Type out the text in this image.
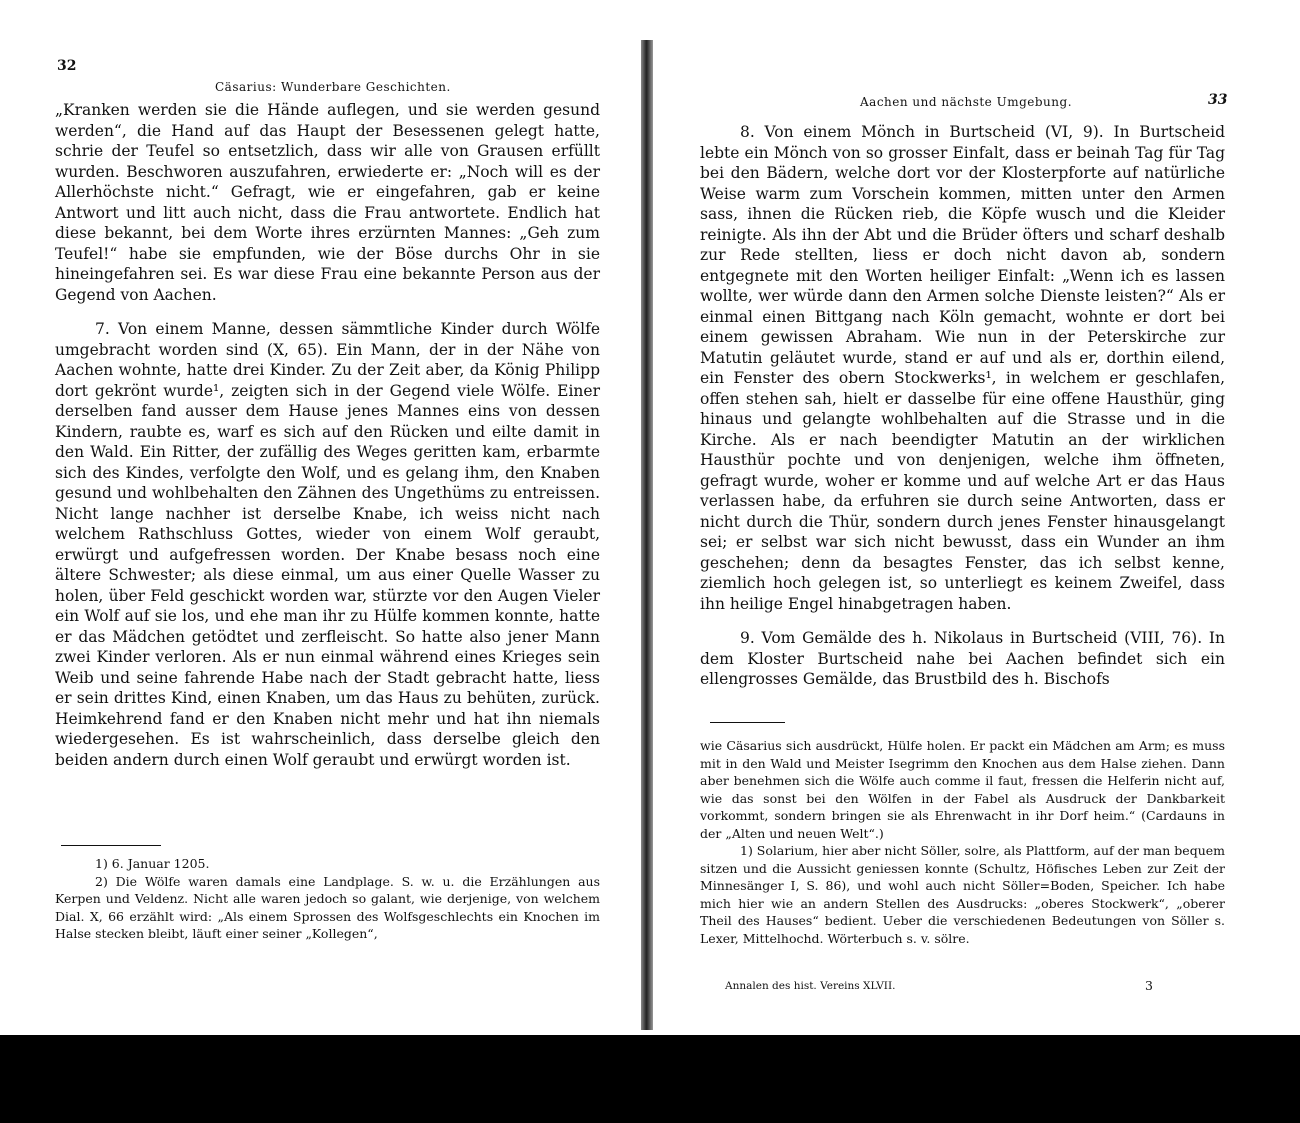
32
Cäsarius: Wunderbare Geschichten.

„Kranken werden sie die Hände auflegen, und sie werden gesund werden“, die Hand auf das Haupt der Besessenen gelegt hatte, schrie der Teufel so entsetzlich, dass wir alle von Grausen erfüllt wurden. Beschworen auszufahren, erwiederte er: „Noch will es der Allerhöchste nicht.“ Gefragt, wie er eingefahren, gab er keine Antwort und litt auch nicht, dass die Frau antwortete. Endlich hat diese bekannt, bei dem Worte ihres erzürnten Mannes: „Geh zum Teufel!“ habe sie empfunden, wie der Böse durchs Ohr in sie hineingefahren sei. Es war diese Frau eine bekannte Person aus der Gegend von Aachen.

7. Von einem Manne, dessen sämmtliche Kinder durch Wölfe umgebracht worden sind (X, 65). Ein Mann, der in der Nähe von Aachen wohnte, hatte drei Kinder. Zu der Zeit aber, da König Philipp dort gekrönt wurde¹, zeigten sich in der Gegend viele Wölfe. Einer derselben fand ausser dem Hause jenes Mannes eins von dessen Kindern, raubte es, warf es sich auf den Rücken und eilte damit in den Wald. Ein Ritter, der zufällig des Weges geritten kam, erbarmte sich des Kindes, verfolgte den Wolf, und es gelang ihm, den Knaben gesund und wohlbehalten den Zähnen des Ungethüms zu entreissen. Nicht lange nachher ist derselbe Knabe, ich weiss nicht nach welchem Rathschluss Gottes, wieder von einem Wolf geraubt, erwürgt und aufgefressen worden. Der Knabe besass noch eine ältere Schwester; als diese einmal, um aus einer Quelle Wasser zu holen, über Feld geschickt worden war, stürzte vor den Augen Vieler ein Wolf auf sie los, und ehe man ihr zu Hülfe kommen konnte, hatte er das Mädchen getödtet und zerfleischt. So hatte also jener Mann zwei Kinder verloren. Als er nun einmal während eines Krieges sein Weib und seine fahrende Habe nach der Stadt gebracht hatte, liess er sein drittes Kind, einen Knaben, um das Haus zu behüten, zurück. Heimkehrend fand er den Knaben nicht mehr und hat ihn niemals wiedergesehen. Es ist wahrscheinlich, dass derselbe gleich den beiden andern durch einen Wolf geraubt und erwürgt worden ist.

1) 6. Januar 1205.

2) Die Wölfe waren damals eine Landplage. S. w. u. die Erzählungen aus Kerpen und Veldenz. Nicht alle waren jedoch so galant, wie derjenige, von welchem Dial. X, 66 erzählt wird: „Als einem Sprossen des Wolfsgeschlechts ein Knochen im Halse stecken bleibt, läuft einer seiner „Kollegen“,

Aachen und nächste Umgebung.	33

8. Von einem Mönch in Burtscheid (VI, 9). In Burtscheid lebte ein Mönch von so grosser Einfalt, dass er beinah Tag für Tag bei den Bädern, welche dort vor der Klosterpforte auf natürliche Weise warm zum Vorschein kommen, mitten unter den Armen sass, ihnen die Rücken rieb, die Köpfe wusch und die Kleider reinigte. Als ihn der Abt und die Brüder öfters und scharf deshalb zur Rede stellten, liess er doch nicht davon ab, sondern entgegnete mit den Worten heiliger Einfalt: „Wenn ich es lassen wollte, wer würde dann den Armen solche Dienste leisten?“ Als er einmal einen Bittgang nach Köln gemacht, wohnte er dort bei einem gewissen Abraham. Wie nun in der Peterskirche zur Matutin geläutet wurde, stand er auf und als er, dorthin eilend, ein Fenster des obern Stockwerks¹, in welchem er geschlafen, offen stehen sah, hielt er dasselbe für eine offene Hausthür, ging hinaus und gelangte wohlbehalten auf die Strasse und in die Kirche. Als er nach beendigter Matutin an der wirklichen Hausthür pochte und von denjenigen, welche ihm öffneten, gefragt wurde, woher er komme und auf welche Art er das Haus verlassen habe, da erfuhren sie durch seine Antworten, dass er nicht durch die Thür, sondern durch jenes Fenster hinausgelangt sei; er selbst war sich nicht bewusst, dass ein Wunder an ihm geschehen; denn da besagtes Fenster, das ich selbst kenne, ziemlich hoch gelegen ist, so unterliegt es keinem Zweifel, dass ihn heilige Engel hinabgetragen haben.

9. Vom Gemälde des h. Nikolaus in Burtscheid (VIII, 76). In dem Kloster Burtscheid nahe bei Aachen befindet sich ein ellengrosses Gemälde, das Brustbild des h. Bischofs

wie Cäsarius sich ausdrückt, Hülfe holen. Er packt ein Mädchen am Arm; es muss mit in den Wald und Meister Isegrimm den Knochen aus dem Halse ziehen. Dann aber benehmen sich die Wölfe auch comme il faut, fressen die Helferin nicht auf, wie das sonst bei den Wölfen in der Fabel als Ausdruck der Dankbarkeit vorkommt, sondern bringen sie als Ehrenwacht in ihr Dorf heim.“ (Cardauns in der „Alten und neuen Welt“.)

1) Solarium, hier aber nicht Söller, solre, als Plattform, auf der man bequem sitzen und die Aussicht geniessen konnte (Schultz, Höfisches Leben zur Zeit der Minnesänger I, S. 86), und wohl auch nicht Söller=Boden, Speicher. Ich habe mich hier wie an andern Stellen des Ausdrucks: „oberes Stockwerk“, „oberer Theil des Hauses“ bedient. Ueber die verschiedenen Bedeutungen von Söller s. Lexer, Mittelhochd. Wörterbuch s. v. sölre.

Annalen des hist. Vereins XLVII.	3
